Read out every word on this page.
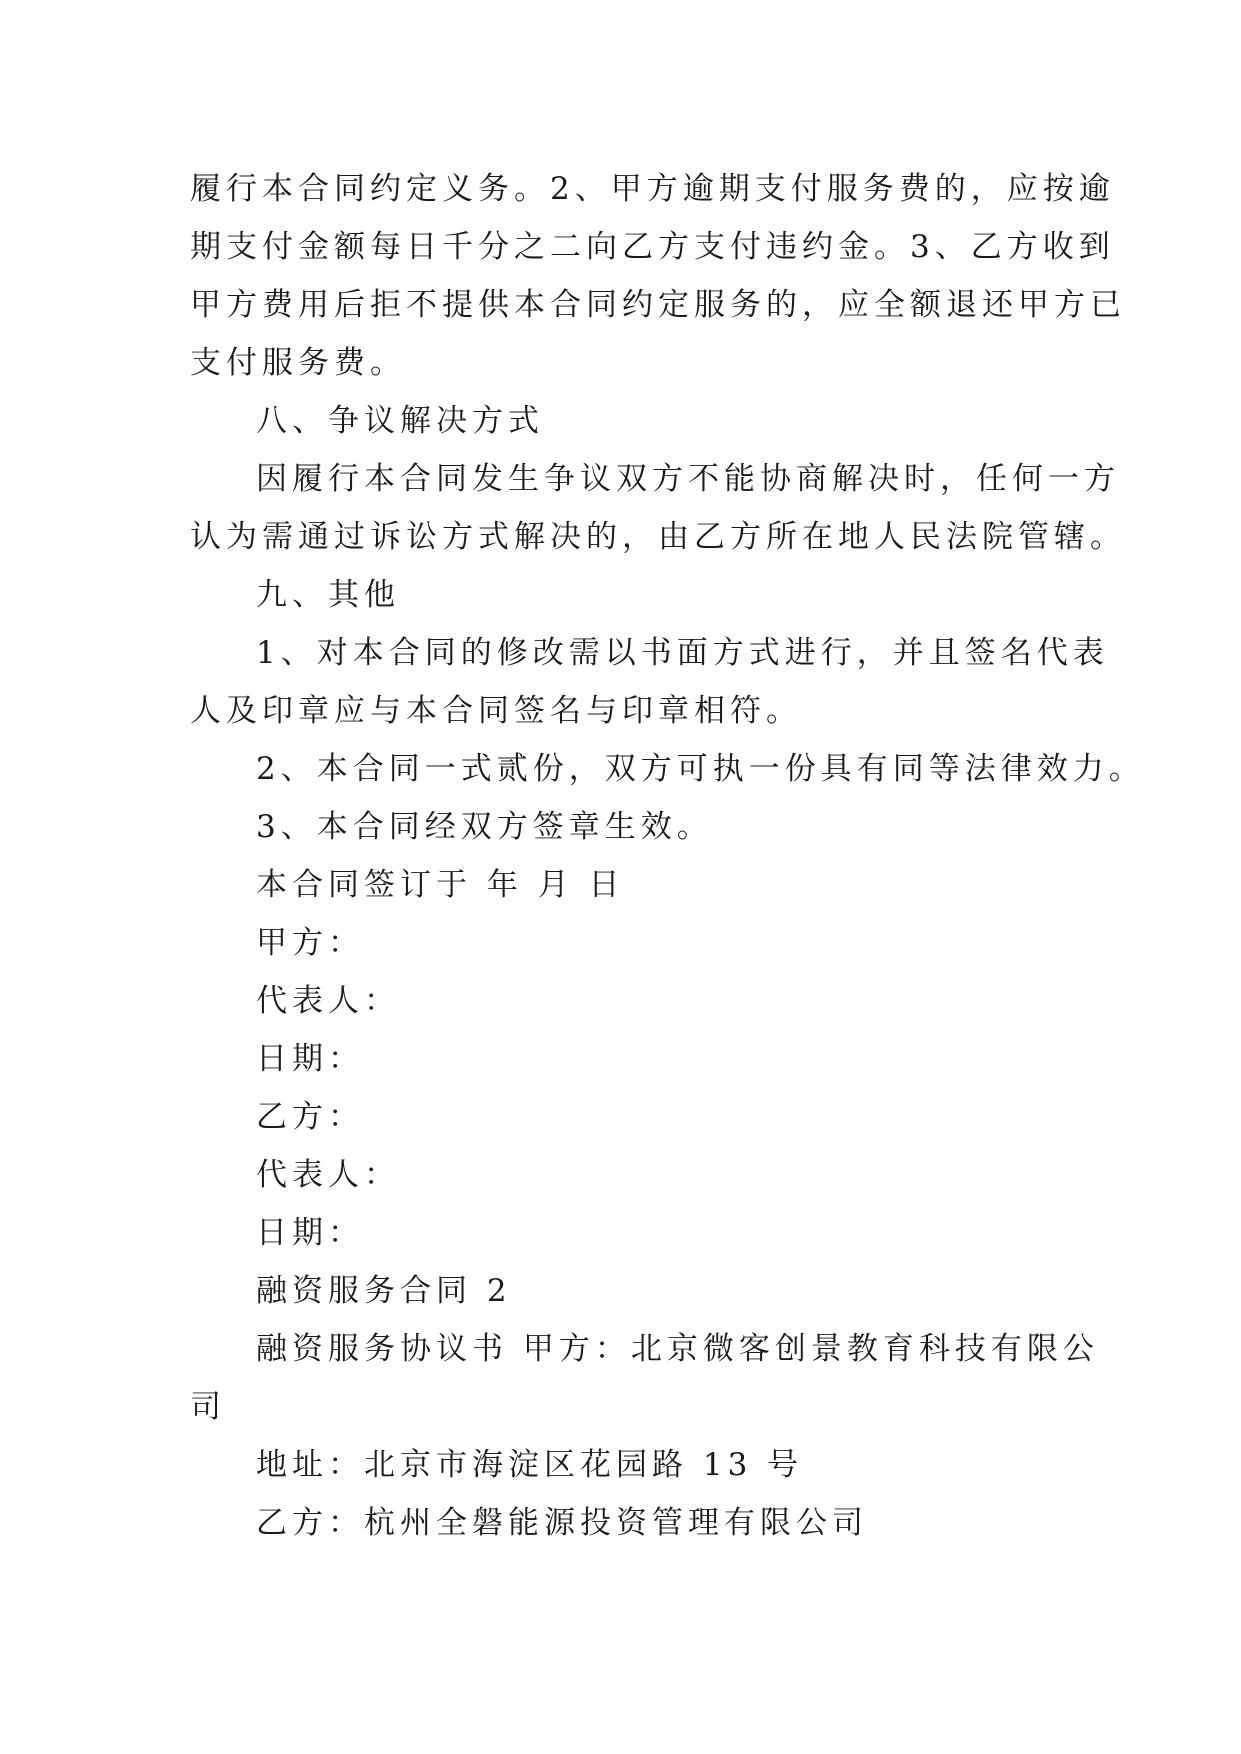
履行本合同约定义务。2、甲方逾期支付服务费的，应按逾
期支付金额每日千分之二向乙方支付违约金。3、乙方收到
甲方费用后拒不提供本合同约定服务的，应全额退还甲方已
支付服务费。
八、争议解决方式
因履行本合同发生争议双方不能协商解决时，任何一方
认为需通过诉讼方式解决的，由乙方所在地人民法院管辖。
九、其他
1、对本合同的修改需以书面方式进行，并且签名代表
人及印章应与本合同签名与印章相符。
2、本合同一式贰份，双方可执一份具有同等法律效力。
3、本合同经双方签章生效。
本合同签订于 年 月 日
甲方：
代表人：
日期：
乙方：
代表人：
日期：
融资服务合同 2
融资服务协议书 甲方：北京微客创景教育科技有限公
司
地址：北京市海淀区花园路 13 号
乙方：杭州全磐能源投资管理有限公司
